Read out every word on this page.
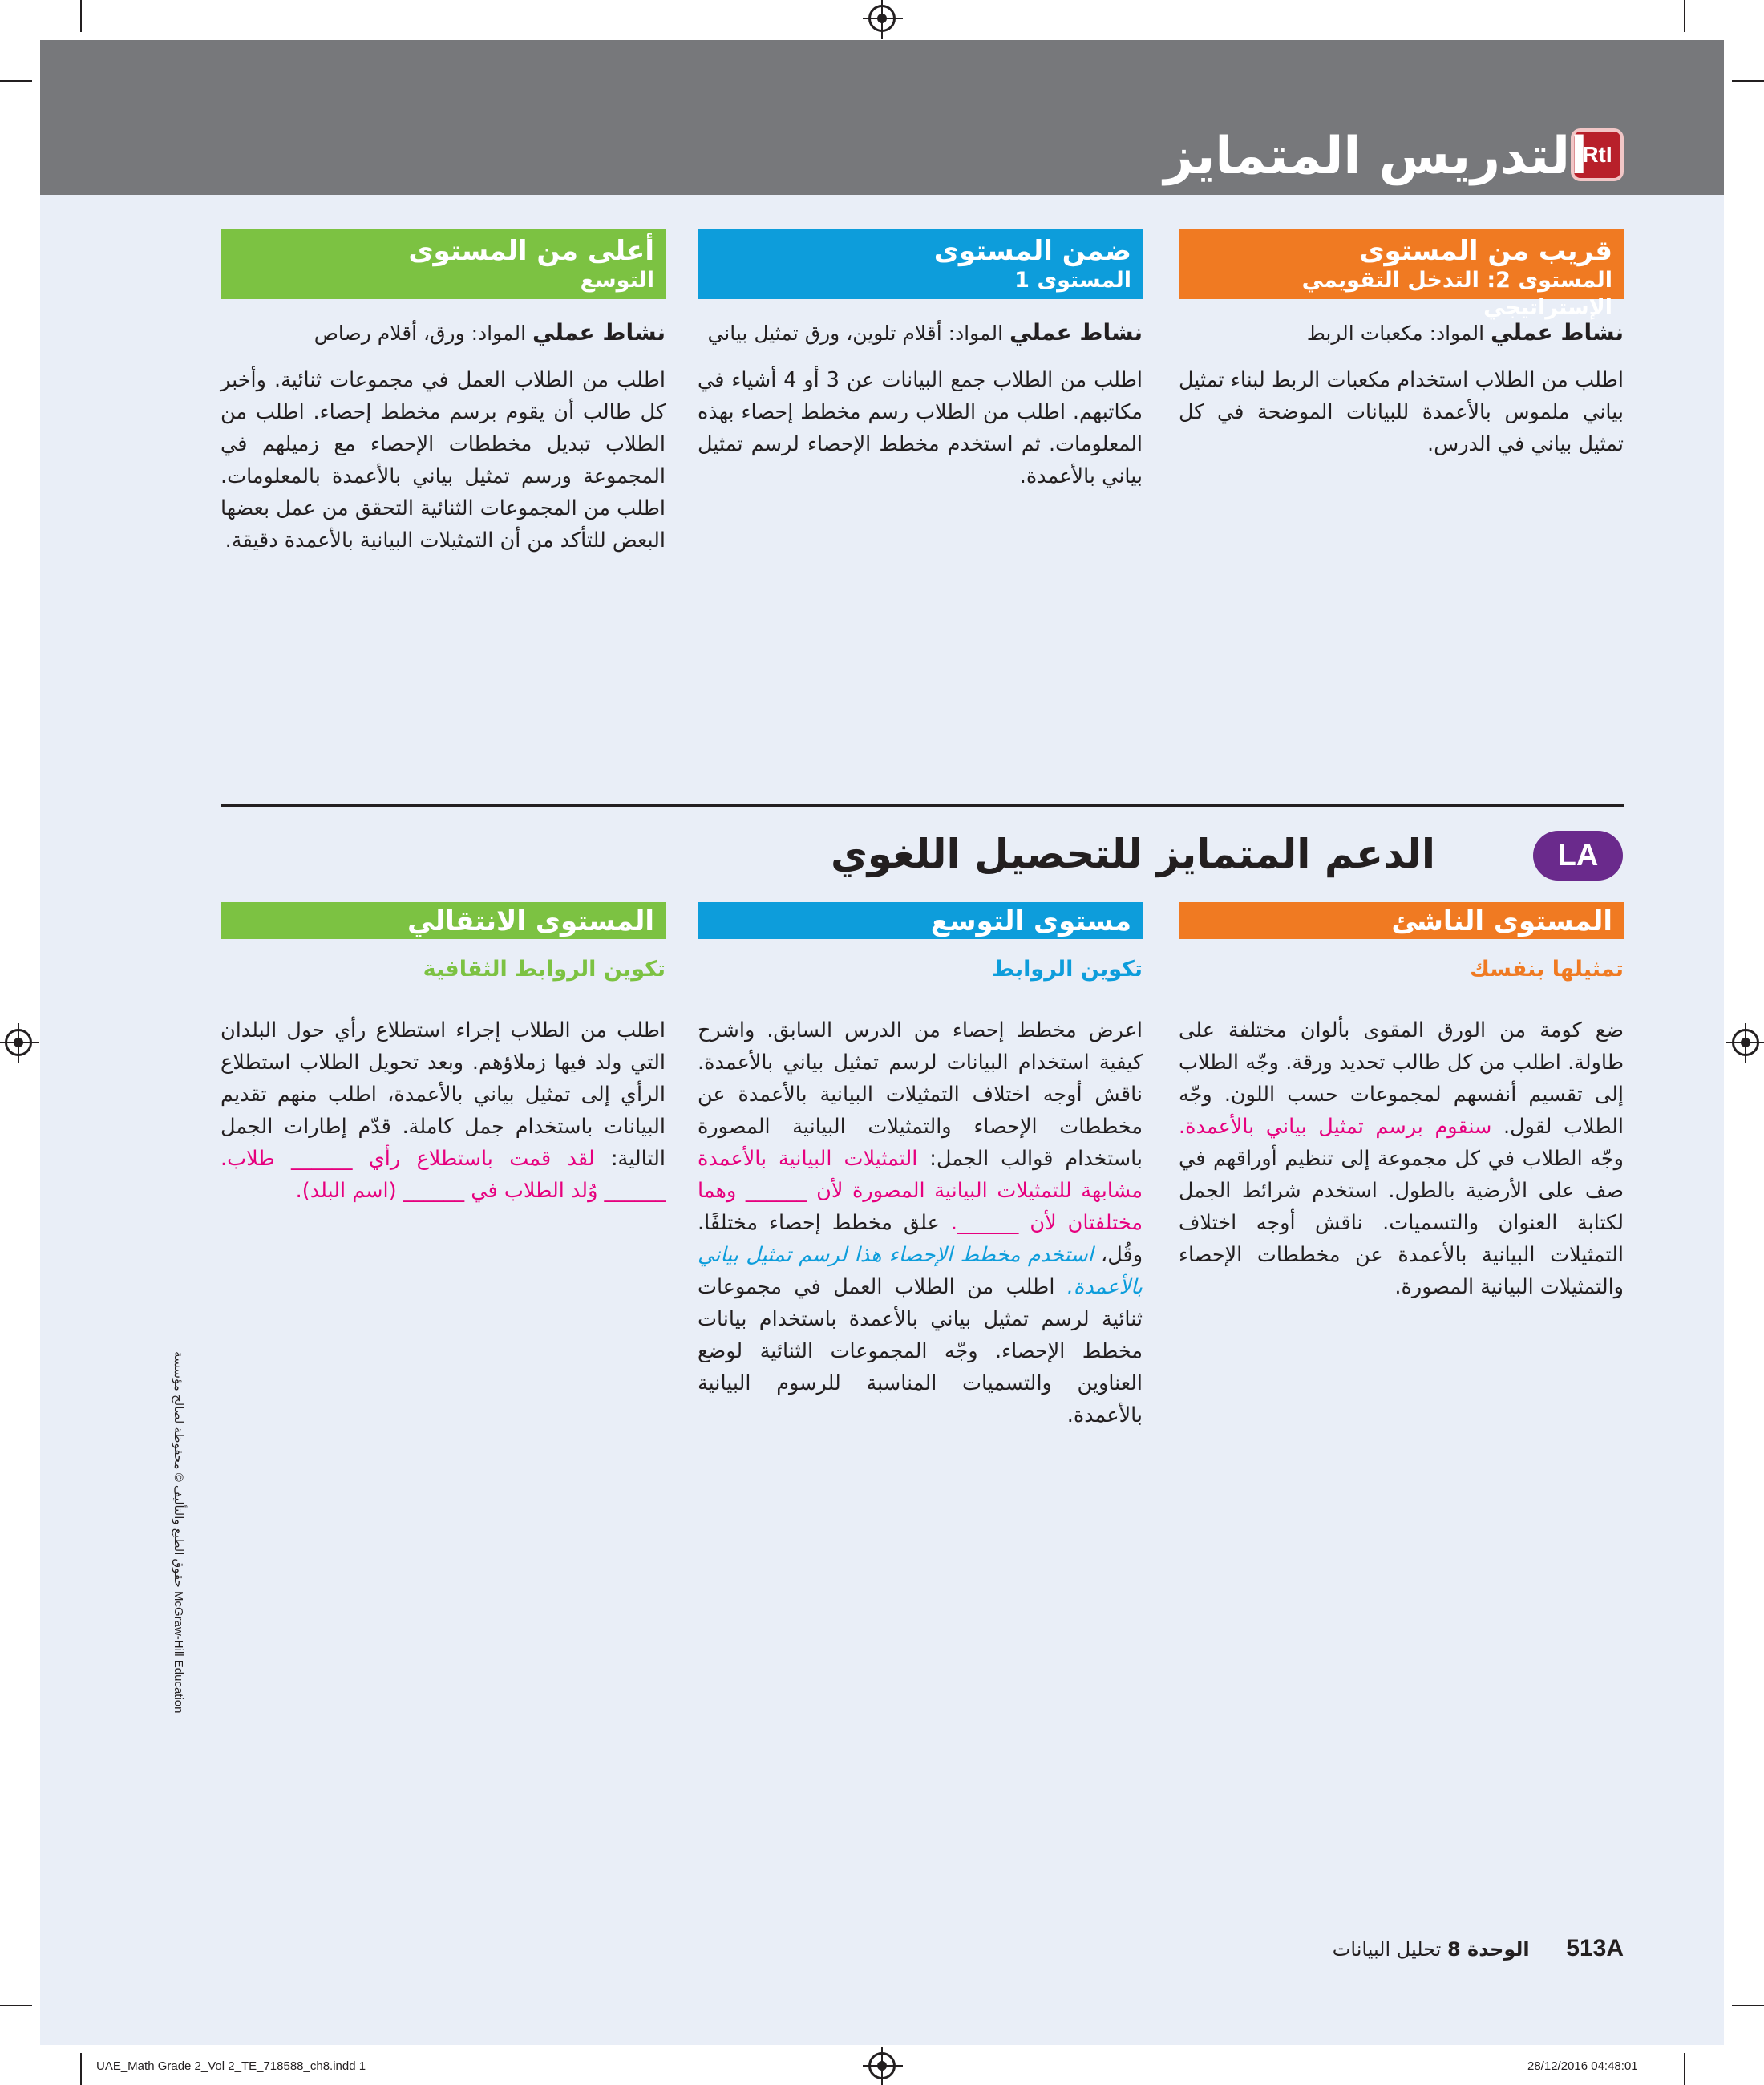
RtI
التدريس المتمايز
قريب من المستوى
المستوى 2: التدخل التقويمي الإستراتيجي
نشاط عملي المواد: مكعبات الربط
اطلب من الطلاب استخدام مكعبات الربط لبناء تمثيل بياني ملموس بالأعمدة للبيانات الموضحة في كل تمثيل بياني في الدرس.
ضمن المستوى
المستوى 1
نشاط عملي المواد: أقلام تلوين، ورق تمثيل بياني
اطلب من الطلاب جمع البيانات عن 3 أو 4 أشياء في مكاتبهم. اطلب من الطلاب رسم مخطط إحصاء بهذه المعلومات. ثم استخدم مخطط الإحصاء لرسم تمثيل بياني بالأعمدة.
أعلى من المستوى
التوسع
نشاط عملي المواد: ورق، أقلام رصاص
اطلب من الطلاب العمل في مجموعات ثنائية. وأخبر كل طالب أن يقوم برسم مخطط إحصاء. اطلب من الطلاب تبديل مخططات الإحصاء مع زميلهم في المجموعة ورسم تمثيل بياني بالأعمدة بالمعلومات. اطلب من المجموعات الثنائية التحقق من عمل بعضها البعض للتأكد من أن التمثيلات البيانية بالأعمدة دقيقة.
LA
الدعم المتمايز للتحصيل اللغوي
المستوى الناشئ
تمثيلها بنفسك
ضع كومة من الورق المقوى بألوان مختلفة على طاولة. اطلب من كل طالب تحديد ورقة. وجّه الطلاب إلى تقسيم أنفسهم لمجموعات حسب اللون. وجّه الطلاب لقول. سنقوم برسم تمثيل بياني بالأعمدة. وجّه الطلاب في كل مجموعة إلى تنظيم أوراقهم في صف على الأرضية بالطول. استخدم شرائط الجمل لكتابة العنوان والتسميات. ناقش أوجه اختلاف التمثيلات البيانية بالأعمدة عن مخططات الإحصاء والتمثيلات البيانية المصورة.
مستوى التوسع
تكوين الروابط
اعرض مخطط إحصاء من الدرس السابق. واشرح كيفية استخدام البيانات لرسم تمثيل بياني بالأعمدة. ناقش أوجه اختلاف التمثيلات البيانية بالأعمدة عن مخططات الإحصاء والتمثيلات البيانية المصورة باستخدام قوالب الجمل: التمثيلات البيانية بالأعمدة مشابهة للتمثيلات البيانية المصورة لأن ______ وهما مختلفتان لأن ______. علق مخطط إحصاء مختلفًا. وقُل، استخدم مخطط الإحصاء هذا لرسم تمثيل بياني بالأعمدة. اطلب من الطلاب العمل في مجموعات ثنائية لرسم تمثيل بياني بالأعمدة باستخدام بيانات مخطط الإحصاء. وجّه المجموعات الثنائية لوضع العناوين والتسميات المناسبة للرسوم البيانية بالأعمدة.
المستوى الانتقالي
تكوين الروابط الثقافية
اطلب من الطلاب إجراء استطلاع رأي حول البلدان التي ولد فيها زملاؤهم. وبعد تحويل الطلاب استطلاع الرأي إلى تمثيل بياني بالأعمدة، اطلب منهم تقديم البيانات باستخدام جمل كاملة. قدّم إطارات الجمل التالية: لقد قمت باستطلاع رأي ______ طلاب. ______ وُلد الطلاب في ______ (اسم البلد).
حقوق الطبع والتأليف © محفوظة لصالح مؤسسة McGraw-Hill Education
513A الوحدة 8 تحليل البيانات
UAE_Math Grade 2_Vol 2_TE_718588_ch8.indd 1	28/12/2016 04:48:01
